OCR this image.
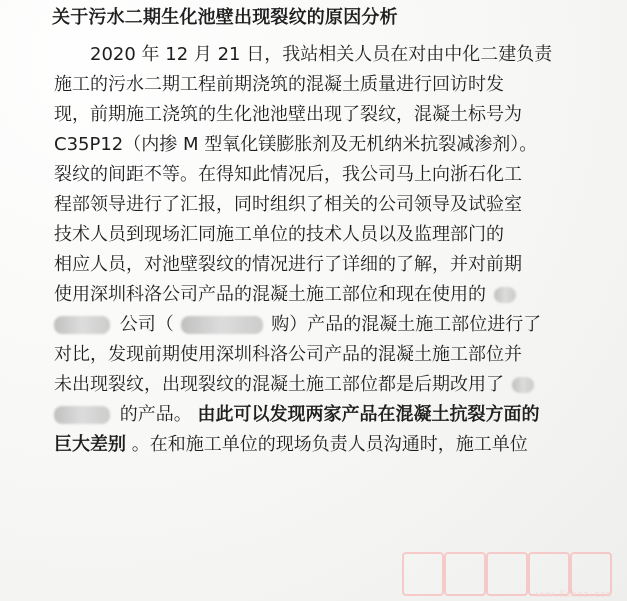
关于污水二期生化池壁出现裂纹的原因分析
2020 年 12 月 21 日，我站相关人员在对由中化二建负责
施工的污水二期工程前期浇筑的混凝土质量进行回访时发
现，前期施工浇筑的生化池池壁出现了裂纹，混凝土标号为
C35P12（内掺 M 型氧化镁膨胀剂及无机纳米抗裂减渗剂）。
裂纹的间距不等。在得知此情况后，我公司马上向浙石化工
程部领导进行了汇报，同时组织了相关的公司领导及试验室
技术人员到现场汇同施工单位的技术人员以及监理部门的
相应人员，对池壁裂纹的情况进行了详细的了解，并对前期
使用深圳科洛公司产品的混凝土施工部位和现在使用的
公司（	购）产品的混凝土施工部位进行了
对比，发现前期使用深圳科洛公司产品的混凝土施工部位并
未出现裂纹，出现裂纹的混凝土施工部位都是后期改用了
的产品。 由此可以发现两家产品在混凝土抗裂方面的
巨大差别 。在和施工单位的现场负责人员沟通时，施工单位
www.Fxbzz.com
